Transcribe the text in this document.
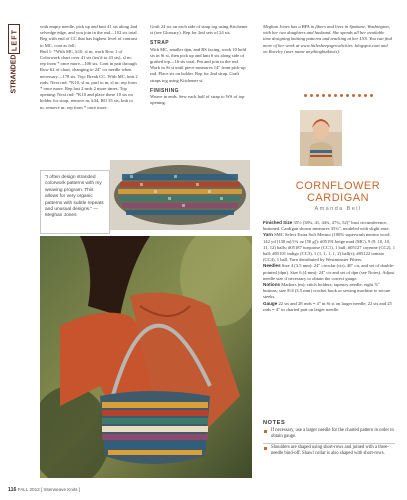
LEFT
STRANDED

with empty needle, pick up and knit 41 sts along 2nd selvedge edge, and you join in the rnd—102 sts total. Beg with end of CC that has highest level of contrast to MC, cont as foll:

Rnd 1: *With MC, k10, sl m, work Row 1 of Colorwork chart over 41 sts (ins'd to 43 sts), sl m; rep from * once more—106 sts. Cont in patt through Row 62 of chart, changing to 24" cir needle when necessary—178 sts. Top: Break CC. With MC, knit 2 rnds. Next rnd: *K10, sl m, purl to m, sl m; rep from * once more. Rep last 2 rnds 2 more times. Top opening: Next rnd: *K10 and place these 10 sts on holder for strap, remove m, k34, BO 35 sts, knit to m, remove m; rep from * once more.

Graft 24 sts on each side of strap tog using Kitchener st (see Glossary). Rep for 2nd sets of 24 sts.

STRAP

With MC, smaller dpn, and RS facing, work 10 held sts in St st, then pick up and knit 6 sts along side of grafted top—16 sts total. Pm and join in the rnd. Work in St st until piece measures 14" from pick-up rnd. Place sts on holder. Rep for 2nd strap. Graft straps tog using Kitchener st.

FINISHING

Weave in ends. Sew each half of strap to WS of top opening.

Meghan Jones has a BFA in fibers and lives in Spokane, Washington, with her two daughters and husband. She spends all her available time designing knitting patterns and teaching at her LYS. You can find more of her work at www.littlesheepsgrowlicities .blogspot.com and on Ravelry (user name anythingbutkiwis).

"I often design stranded colorwork patterns with my weaving program. This allows for very organic patterns with subtle repeats and unusual designs." —Meghan Jones

CORNFLOWER CARDIGAN
Amanda Bell

Finished Size 35½ (38¾, 41, 44¾, 47¾, 52)" bust circumference, buttoned. Cardigan shown measures 35¾", modeled with slight ease.

Yarn SMC Select Extra Soft Merino (100% superwash merino wool; 142 yd [130 m]/1¾ oz [50 g]): #05191 beige mud (MC), 9 (9, 10, 10, 11, 12) balls; #05187 turquoise (CC1), 1 ball; #05127 cayenne (CC2), 1 ball; #05101 indigo (CC3), 1 (1, 1, 1, 1, 2) ball(s); #05122 tomato (CC4), 1 ball. Yarn distributed by Westminster Fibers.

Needles Size 4 (3.5 mm): 24" circular (cir), 40" cir, and set of double-pointed (dpn). Size 6 (4 mm): 24" cir and set of dpn (see Notes). Adjust needle size if necessary to obtain the correct gauge.

Notions Markers (m); stitch holders; tapestry needle; eight ⅞" buttons; size E/4 (3.5 mm) crochet hook or sewing machine to secure steeks.

Gauge 22 sts and 28 rnds = 4" in St st on larger needle; 22 sts and 25 rnds = 4" in charted patt on larger needle.

NOTES
If necessary, use a larger needle for the charted pattern in order to obtain gauge.
Shoulders are shaped using short-rows and joined with a three-needle bind-off. Shawl collar is also shaped with short-rows.
116 FALL 2012 [ Interweave Knits ]
